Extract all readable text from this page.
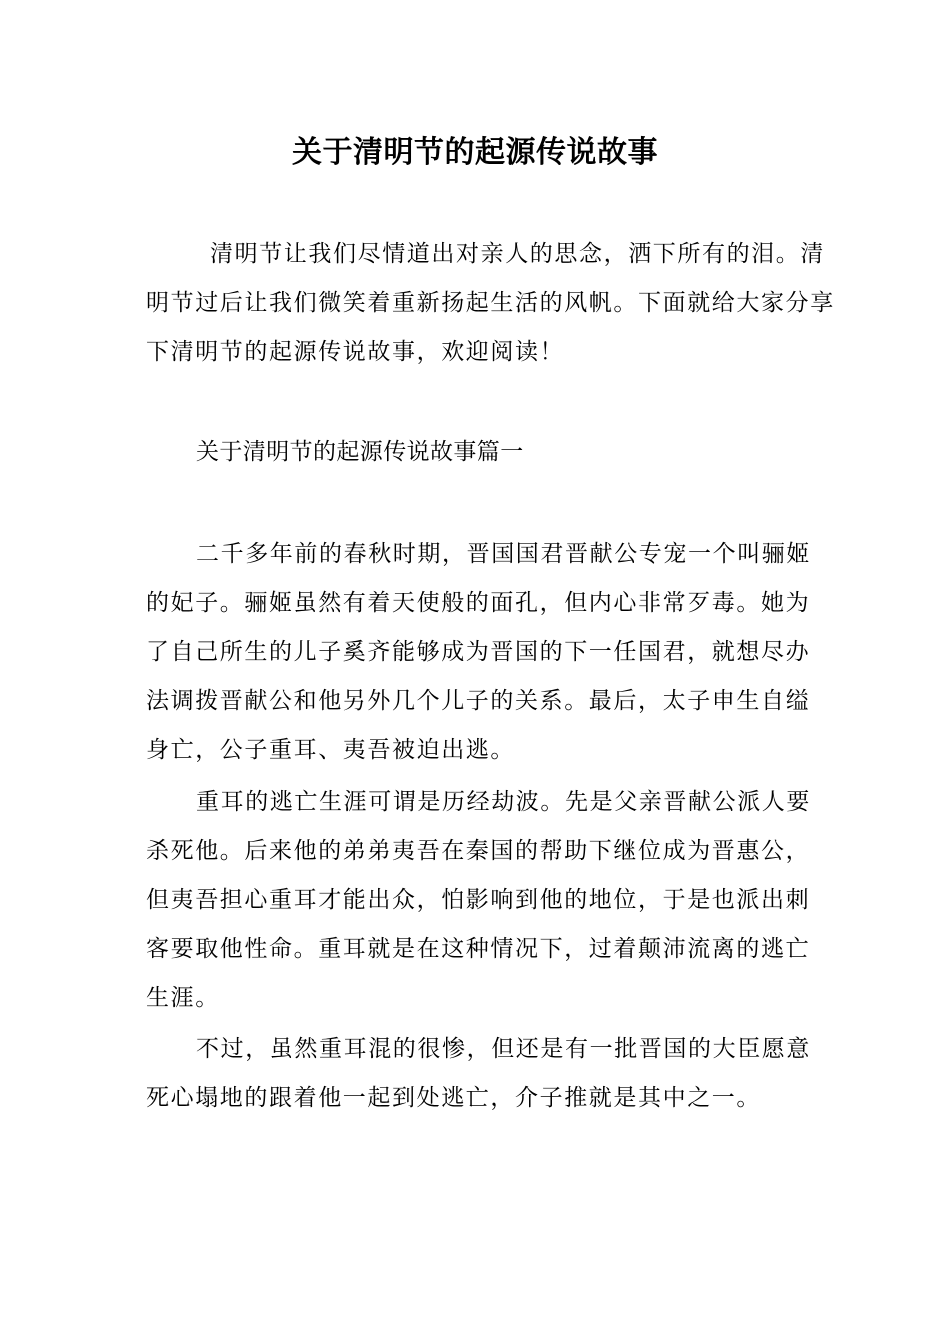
关于清明节的起源传说故事

清明节让我们尽情道出对亲人的思念，洒下所有的泪。清明节过后让我们微笑着重新扬起生活的风帆。下面就给大家分享下清明节的起源传说故事，欢迎阅读！

关于清明节的起源传说故事篇一

二千多年前的春秋时期，晋国国君晋献公专宠一个叫骊姬的妃子。骊姬虽然有着天使般的面孔，但内心非常歹毒。她为了自己所生的儿子奚齐能够成为晋国的下一任国君，就想尽办法调拨晋献公和他另外几个儿子的关系。最后，太子申生自缢身亡，公子重耳、夷吾被迫出逃。

重耳的逃亡生涯可谓是历经劫波。先是父亲晋献公派人要杀死他。后来他的弟弟夷吾在秦国的帮助下继位成为晋惠公，但夷吾担心重耳才能出众，怕影响到他的地位，于是也派出刺客要取他性命。重耳就是在这种情况下，过着颠沛流离的逃亡生涯。

不过，虽然重耳混的很惨，但还是有一批晋国的大臣愿意死心塌地的跟着他一起到处逃亡，介子推就是其中之一。
